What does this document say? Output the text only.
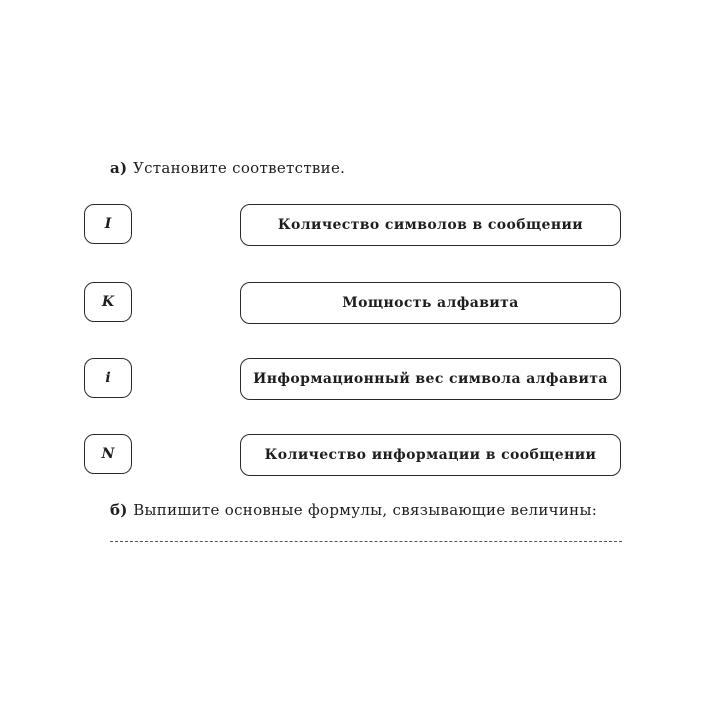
а) Установите соответствие.
I	Количество символов в сообщении
K	Мощность алфавита
i	Информационный вес символа алфавита
N	Количество информации в сообщении
б) Выпишите основные формулы, связывающие величины:
